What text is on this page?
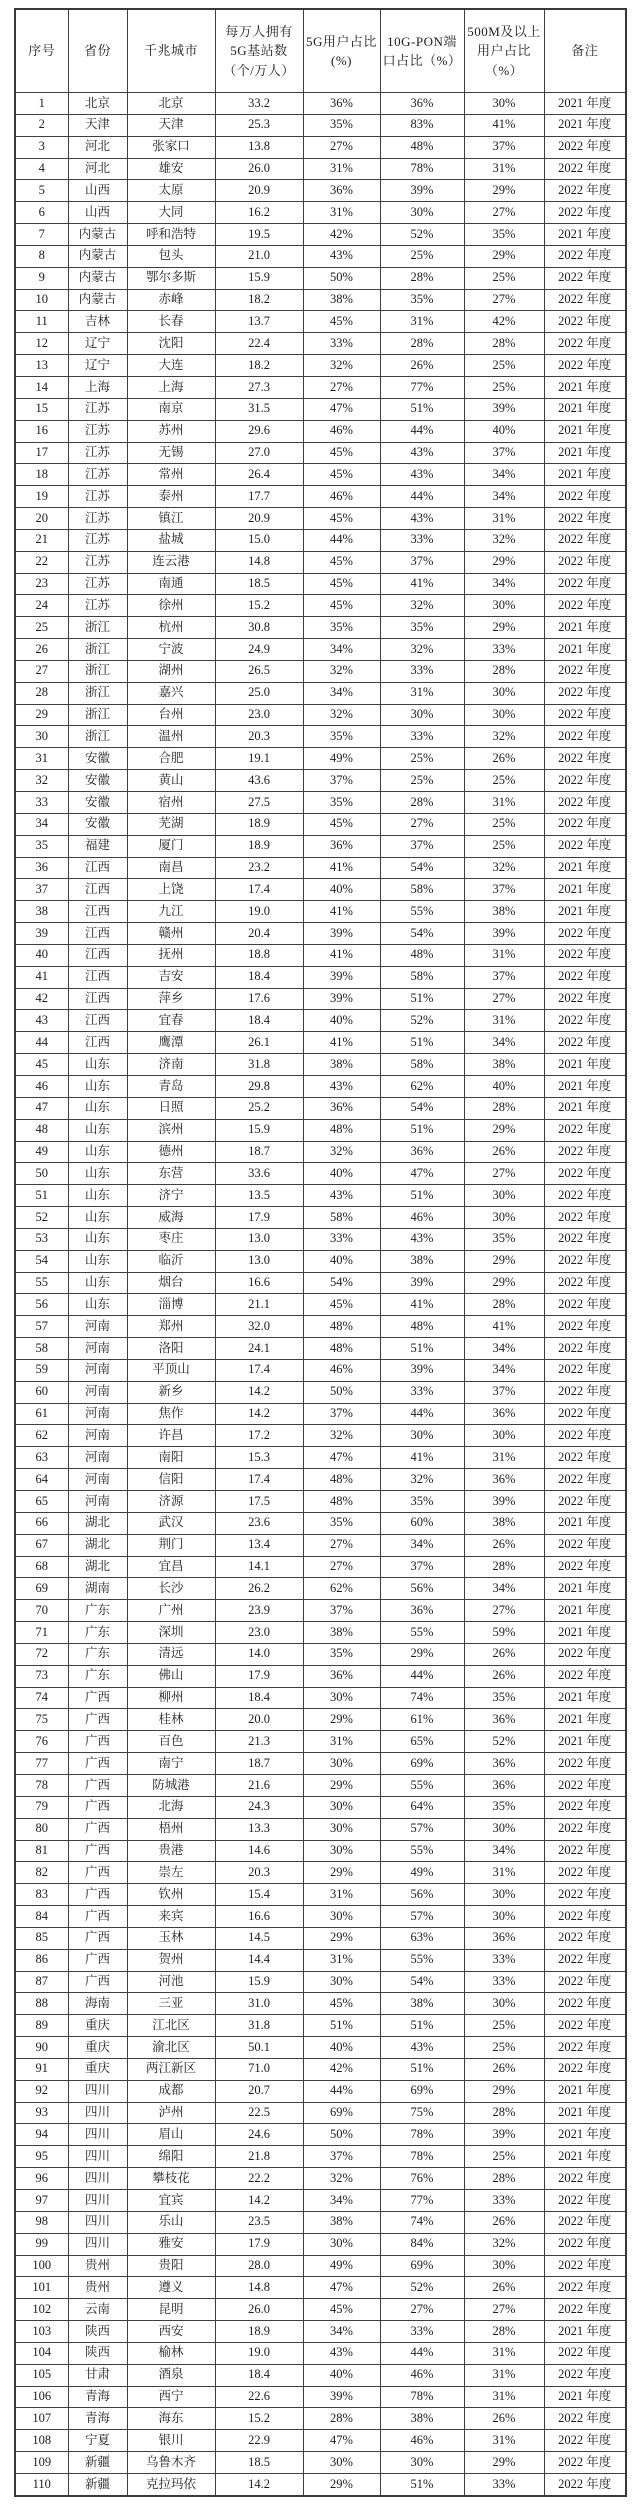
序号	省份	千兆城市	每万人拥有5G基站数（个/万人）	5G用户占比(%)	10G-PON端口占比（%）	500M及以上用户占比（%）	备注
1	北京	北京	33.2	36%	36%	30%	2021 年度
2	天津	天津	25.3	35%	83%	41%	2021 年度
3	河北	张家口	13.8	27%	48%	37%	2022 年度
4	河北	雄安	26.0	31%	78%	31%	2022 年度
5	山西	太原	20.9	36%	39%	29%	2022 年度
6	山西	大同	16.2	31%	30%	27%	2022 年度
7	内蒙古	呼和浩特	19.5	42%	52%	35%	2021 年度
8	内蒙古	包头	21.0	43%	25%	29%	2022 年度
9	内蒙古	鄂尔多斯	15.9	50%	28%	25%	2022 年度
10	内蒙古	赤峰	18.2	38%	35%	27%	2022 年度
11	吉林	长春	13.7	45%	31%	42%	2022 年度
12	辽宁	沈阳	22.4	33%	28%	28%	2022 年度
13	辽宁	大连	18.2	32%	26%	25%	2022 年度
14	上海	上海	27.3	27%	77%	25%	2021 年度
15	江苏	南京	31.5	47%	51%	39%	2021 年度
16	江苏	苏州	29.6	46%	44%	40%	2021 年度
17	江苏	无锡	27.0	45%	43%	37%	2021 年度
18	江苏	常州	26.4	45%	43%	34%	2021 年度
19	江苏	泰州	17.7	46%	44%	34%	2022 年度
20	江苏	镇江	20.9	45%	43%	31%	2022 年度
21	江苏	盐城	15.0	44%	33%	32%	2022 年度
22	江苏	连云港	14.8	45%	37%	29%	2022 年度
23	江苏	南通	18.5	45%	41%	34%	2022 年度
24	江苏	徐州	15.2	45%	32%	30%	2022 年度
25	浙江	杭州	30.8	35%	35%	29%	2021 年度
26	浙江	宁波	24.9	34%	32%	33%	2021 年度
27	浙江	湖州	26.5	32%	33%	28%	2022 年度
28	浙江	嘉兴	25.0	34%	31%	30%	2022 年度
29	浙江	台州	23.0	32%	30%	30%	2022 年度
30	浙江	温州	20.3	35%	33%	32%	2022 年度
31	安徽	合肥	19.1	49%	25%	26%	2022 年度
32	安徽	黄山	43.6	37%	25%	25%	2022 年度
33	安徽	宿州	27.5	35%	28%	31%	2022 年度
34	安徽	芜湖	18.9	45%	27%	25%	2022 年度
35	福建	厦门	18.9	36%	37%	25%	2022 年度
36	江西	南昌	23.2	41%	54%	32%	2021 年度
37	江西	上饶	17.4	40%	58%	37%	2021 年度
38	江西	九江	19.0	41%	55%	38%	2021 年度
39	江西	赣州	20.4	39%	54%	39%	2022 年度
40	江西	抚州	18.8	41%	48%	31%	2022 年度
41	江西	吉安	18.4	39%	58%	37%	2022 年度
42	江西	萍乡	17.6	39%	51%	27%	2022 年度
43	江西	宜春	18.4	40%	52%	31%	2022 年度
44	江西	鹰潭	26.1	41%	51%	34%	2022 年度
45	山东	济南	31.8	38%	58%	38%	2021 年度
46	山东	青岛	29.8	43%	62%	40%	2021 年度
47	山东	日照	25.2	36%	54%	28%	2021 年度
48	山东	滨州	15.9	48%	51%	29%	2022 年度
49	山东	德州	18.7	32%	36%	26%	2022 年度
50	山东	东营	33.6	40%	47%	27%	2022 年度
51	山东	济宁	13.5	43%	51%	30%	2022 年度
52	山东	威海	17.9	58%	46%	30%	2022 年度
53	山东	枣庄	13.0	33%	43%	35%	2022 年度
54	山东	临沂	13.0	40%	38%	29%	2022 年度
55	山东	烟台	16.6	54%	39%	29%	2022 年度
56	山东	淄博	21.1	45%	41%	28%	2022 年度
57	河南	郑州	32.0	48%	48%	41%	2022 年度
58	河南	洛阳	24.1	48%	51%	34%	2022 年度
59	河南	平顶山	17.4	46%	39%	34%	2022 年度
60	河南	新乡	14.2	50%	33%	37%	2022 年度
61	河南	焦作	14.2	37%	44%	36%	2022 年度
62	河南	许昌	17.2	32%	30%	30%	2022 年度
63	河南	南阳	15.3	47%	41%	31%	2022 年度
64	河南	信阳	17.4	48%	32%	36%	2022 年度
65	河南	济源	17.5	48%	35%	39%	2022 年度
66	湖北	武汉	23.6	35%	60%	38%	2021 年度
67	湖北	荆门	13.4	27%	34%	26%	2022 年度
68	湖北	宜昌	14.1	27%	37%	28%	2022 年度
69	湖南	长沙	26.2	62%	56%	34%	2021 年度
70	广东	广州	23.9	37%	36%	27%	2021 年度
71	广东	深圳	23.0	38%	55%	59%	2021 年度
72	广东	清远	14.0	35%	29%	26%	2022 年度
73	广东	佛山	17.9	36%	44%	26%	2022 年度
74	广西	柳州	18.4	30%	74%	35%	2021 年度
75	广西	桂林	20.0	29%	61%	36%	2021 年度
76	广西	百色	21.3	31%	65%	52%	2021 年度
77	广西	南宁	18.7	30%	69%	36%	2022 年度
78	广西	防城港	21.6	29%	55%	36%	2022 年度
79	广西	北海	24.3	30%	64%	35%	2022 年度
80	广西	梧州	13.3	30%	57%	30%	2022 年度
81	广西	贵港	14.6	30%	55%	34%	2022 年度
82	广西	崇左	20.3	29%	49%	31%	2022 年度
83	广西	钦州	15.4	31%	56%	30%	2022 年度
84	广西	来宾	16.6	30%	57%	30%	2022 年度
85	广西	玉林	14.5	29%	63%	36%	2022 年度
86	广西	贺州	14.4	31%	55%	33%	2022 年度
87	广西	河池	15.9	30%	54%	33%	2022 年度
88	海南	三亚	31.0	45%	38%	30%	2022 年度
89	重庆	江北区	31.8	51%	51%	25%	2022 年度
90	重庆	渝北区	50.1	40%	43%	25%	2022 年度
91	重庆	两江新区	71.0	42%	51%	26%	2022 年度
92	四川	成都	20.7	44%	69%	29%	2021 年度
93	四川	泸州	22.5	69%	75%	28%	2021 年度
94	四川	眉山	24.6	50%	78%	39%	2021 年度
95	四川	绵阳	21.8	37%	78%	25%	2021 年度
96	四川	攀枝花	22.2	32%	76%	28%	2022 年度
97	四川	宜宾	14.2	34%	77%	33%	2022 年度
98	四川	乐山	23.5	38%	74%	26%	2022 年度
99	四川	雅安	17.9	30%	84%	32%	2022 年度
100	贵州	贵阳	28.0	49%	69%	30%	2022 年度
101	贵州	遵义	14.8	47%	52%	26%	2022 年度
102	云南	昆明	26.0	45%	27%	27%	2022 年度
103	陕西	西安	18.9	34%	33%	28%	2021 年度
104	陕西	榆林	19.0	43%	44%	31%	2022 年度
105	甘肃	酒泉	18.4	40%	46%	31%	2022 年度
106	青海	西宁	22.6	39%	78%	31%	2021 年度
107	青海	海东	15.2	28%	38%	26%	2022 年度
108	宁夏	银川	22.9	47%	46%	31%	2022 年度
109	新疆	乌鲁木齐	18.5	30%	30%	29%	2022 年度
110	新疆	克拉玛依	14.2	29%	51%	33%	2022 年度
